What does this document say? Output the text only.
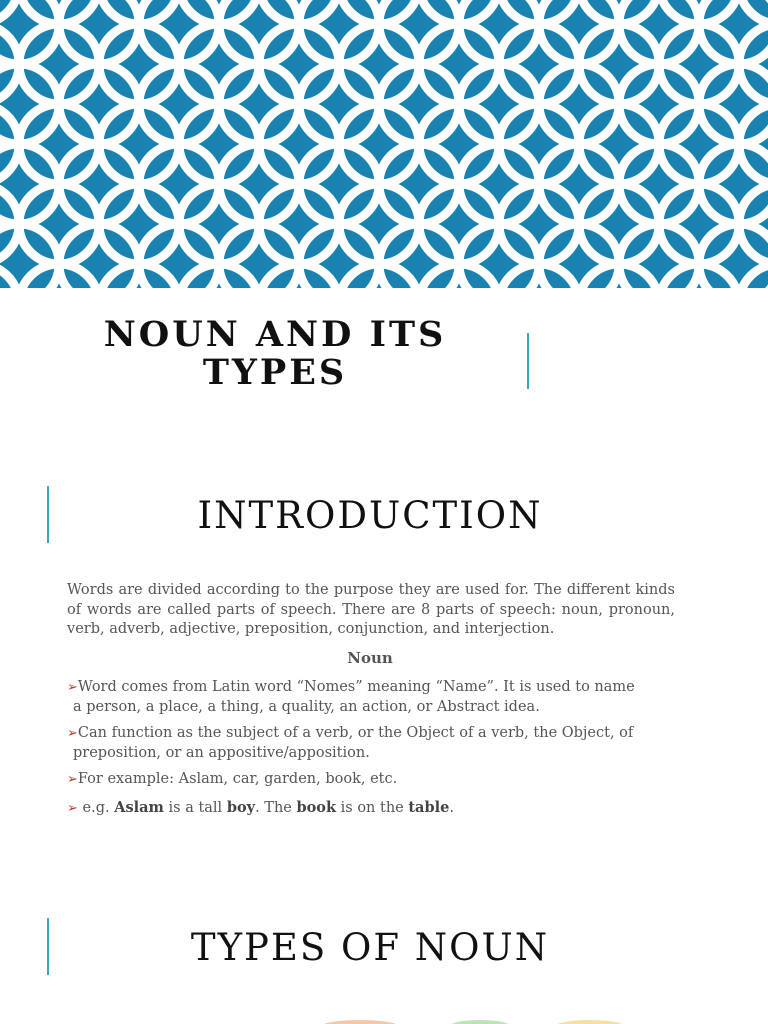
NOUN AND ITS
TYPES
INTRODUCTION

Words are divided according to the purpose they are used for. The different kinds of words are called parts of speech. There are 8 parts of speech: noun, pronoun, verb, adverb, adjective, preposition, conjunction, and interjection.

Noun

➢Word comes from Latin word “Nomes” meaning “Name”. It is used to name
a person, a place, a thing, a quality, an action, or Abstract idea.

➢Can function as the subject of a verb, or the Object of a verb, the Object, of
preposition, or an appositive/apposition.

➢For example: Aslam, car, garden, book, etc.

➢ e.g. Aslam is a tall boy. The book is on the table.

TYPES OF NOUN
